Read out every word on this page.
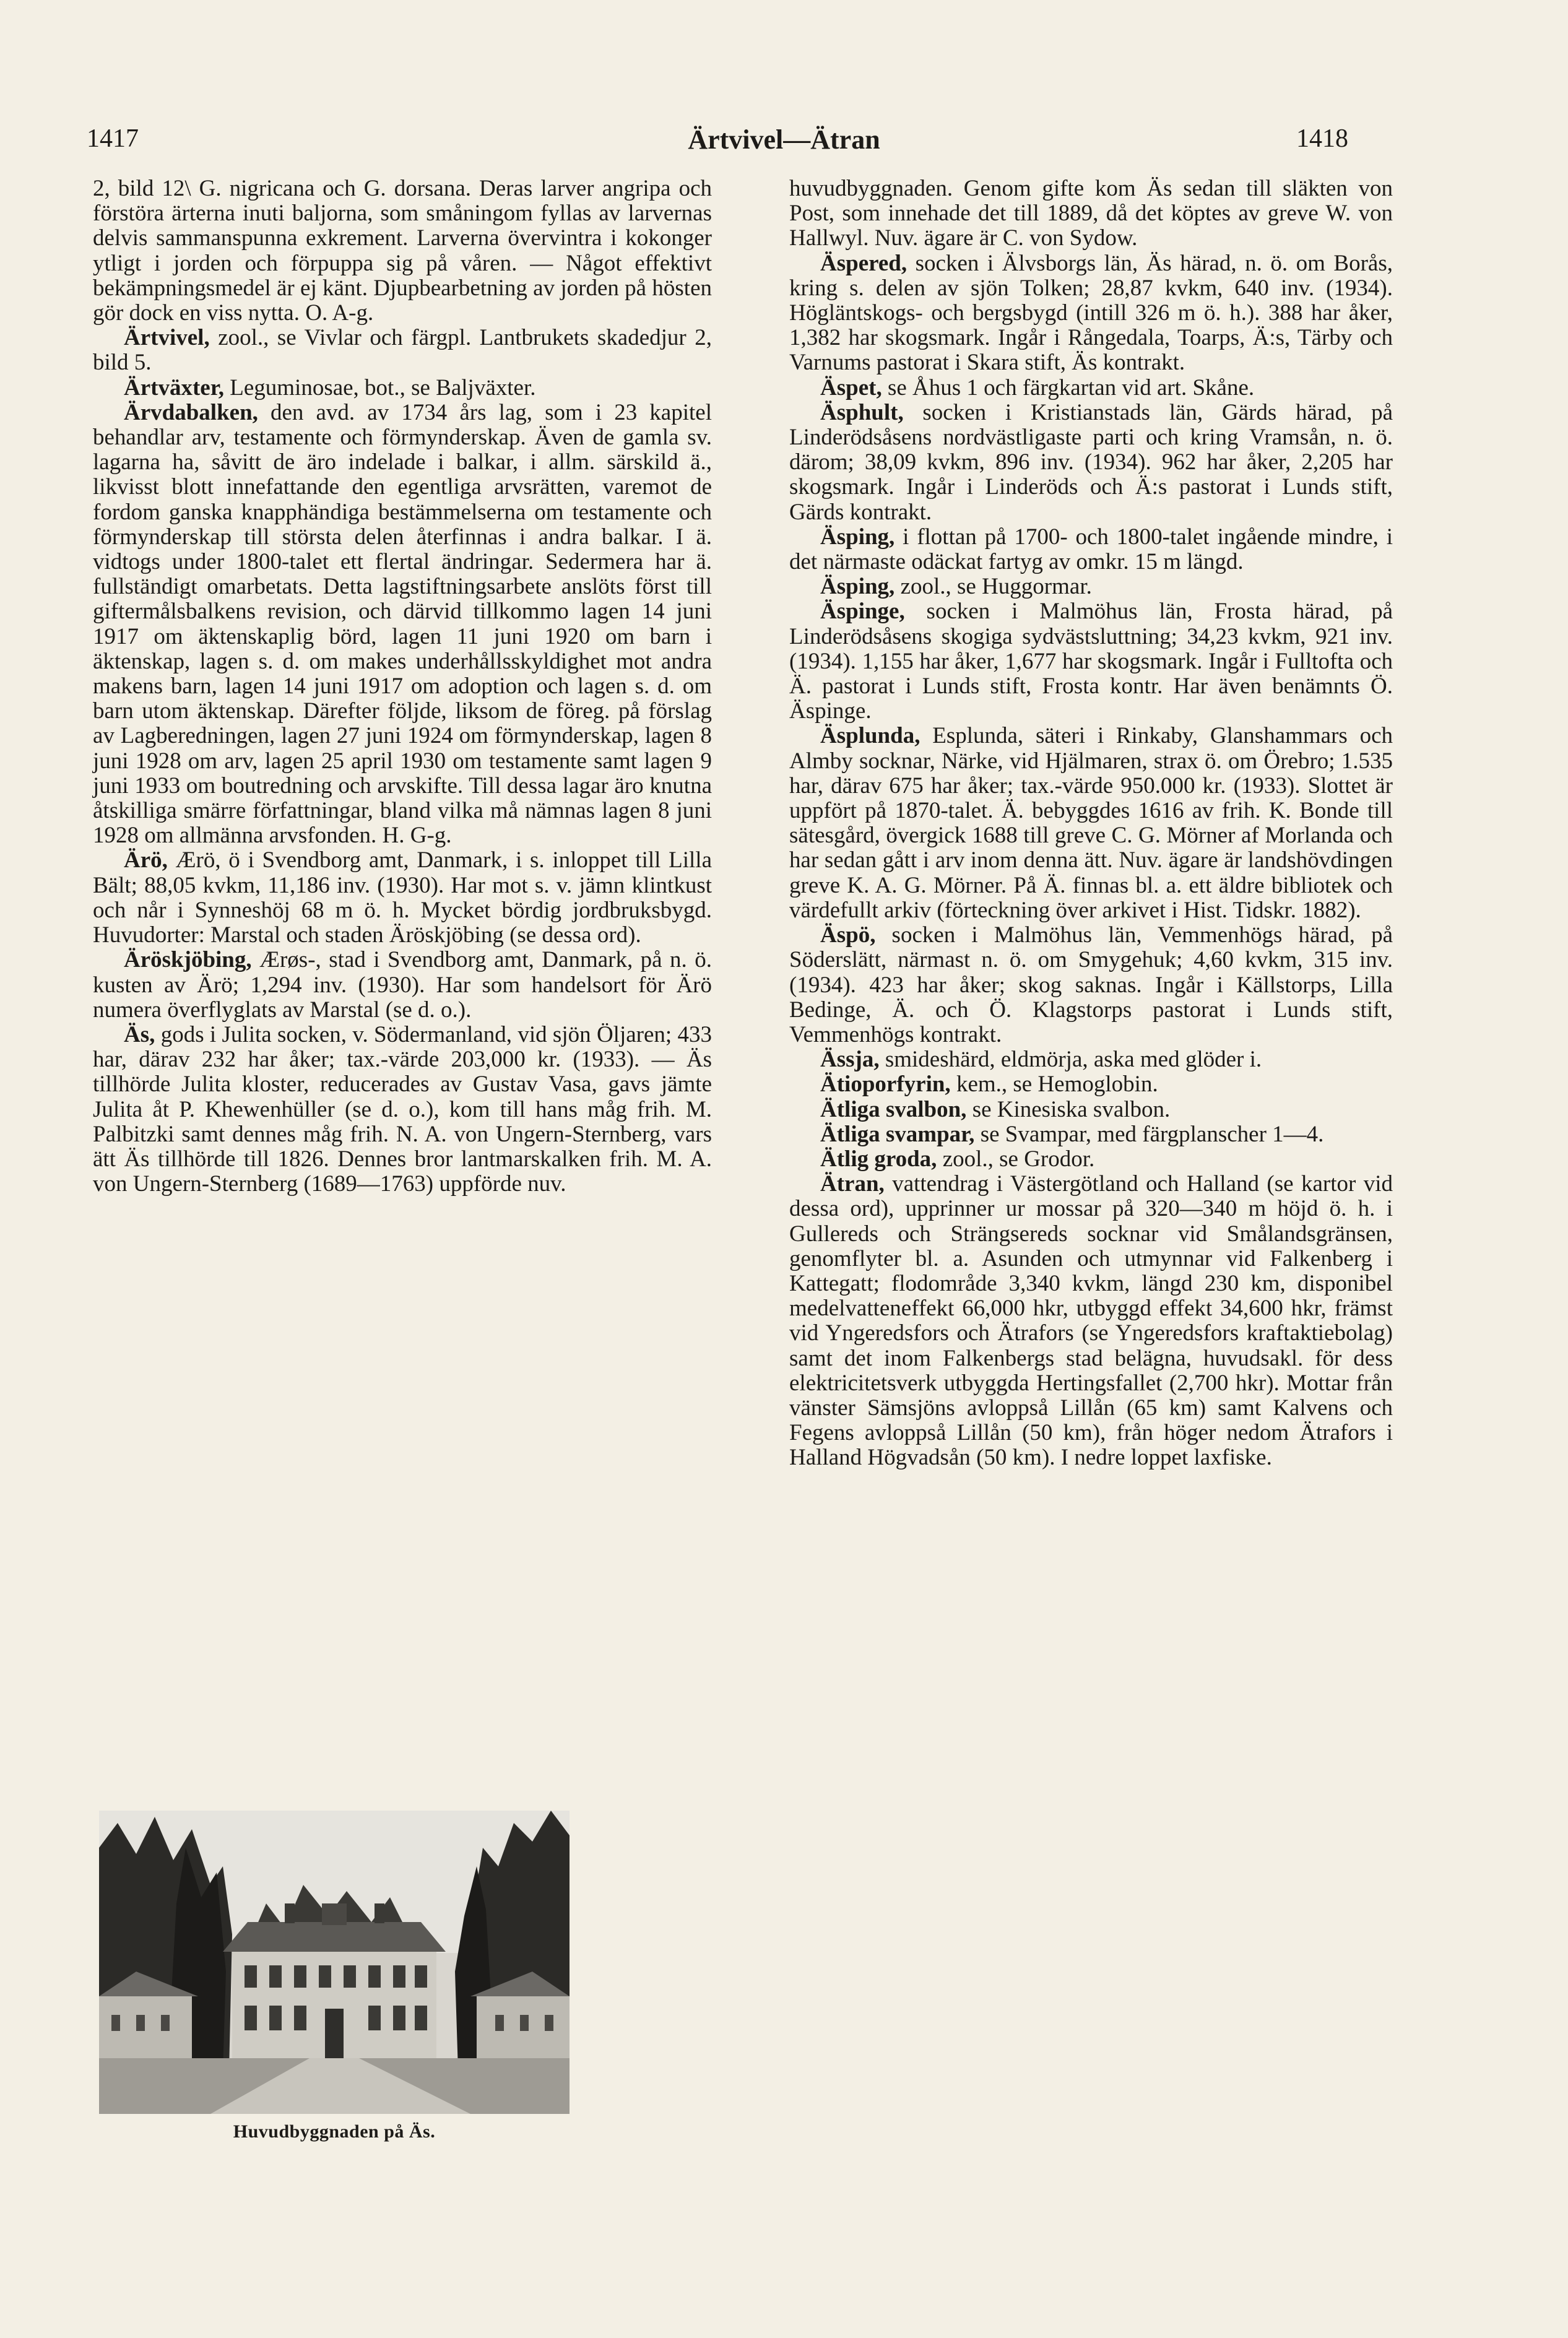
1417	Ärtvivel—Ätran	1418

2, bild 12\ G. nigricana och G. dorsana. Deras larver angripa och förstöra ärterna inuti baljorna, som småningom fyllas av larvernas delvis sammanspunna exkrement. Larverna övervintra i kokonger ytligt i jorden och förpuppa sig på våren. — Något effektivt bekämpningsmedel är ej känt. Djupbearbetning av jorden på hösten gör dock en viss nytta. O. A-g.

Ärtvivel, zool., se Vivlar och färgpl. Lantbrukets skadedjur 2, bild 5.

Ärtväxter, Leguminosae, bot., se Baljväxter.

Ärvdabalken, den avd. av 1734 års lag, som i 23 kapitel behandlar arv, testamente och förmynderskap. Även de gamla sv. lagarna ha, såvitt de äro indelade i balkar, i allm. särskild ä., likvisst blott innefattande den egentliga arvsrätten, varemot de fordom ganska knapphändiga bestämmelserna om testamente och förmynderskap till största delen återfinnas i andra balkar. I ä. vidtogs under 1800-talet ett flertal ändringar. Sedermera har ä. fullständigt omarbetats. Detta lagstiftningsarbete anslöts först till giftermålsbalkens revision, och därvid tillkommo lagen 14 juni 1917 om äktenskaplig börd, lagen 11 juni 1920 om barn i äktenskap, lagen s. d. om makes underhållsskyldighet mot andra makens barn, lagen 14 juni 1917 om adoption och lagen s. d. om barn utom äktenskap. Därefter följde, liksom de föreg. på förslag av Lagberedningen, lagen 27 juni 1924 om förmynderskap, lagen 8 juni 1928 om arv, lagen 25 april 1930 om testamente samt lagen 9 juni 1933 om boutredning och arvskifte. Till dessa lagar äro knutna åtskilliga smärre författningar, bland vilka må nämnas lagen 8 juni 1928 om allmänna arvsfonden. H. G-g.

Ärö, Ærö, ö i Svendborg amt, Danmark, i s. inloppet till Lilla Bält; 88,05 kvkm, 11,186 inv. (1930). Har mot s. v. jämn klintkust och når i Synneshöj 68 m ö. h. Mycket bördig jordbruksbygd. Huvudorter: Marstal och staden Äröskjöbing (se dessa ord).

Äröskjöbing, Ærøs-, stad i Svendborg amt, Danmark, på n. ö. kusten av Ärö; 1,294 inv. (1930). Har som handelsort för Ärö numera överflyglats av Marstal (se d. o.).

Äs, gods i Julita socken, v. Södermanland, vid sjön Öljaren; 433 har, därav 232 har åker; tax.-värde 203,000 kr. (1933). — Äs tillhörde Julita kloster, reducerades av Gustav Vasa, gavs jämte Julita åt P. Khewenhüller (se d. o.), kom till hans måg frih. M. Palbitzki samt dennes måg frih. N. A. von Ungern-Sternberg, vars ätt Äs tillhörde till 1826. Dennes bror lantmarskalken frih. M. A. von Ungern-Sternberg (1689—1763) uppförde nuv.

Huvudbyggnaden på Äs.

huvudbyggnaden. Genom gifte kom Äs sedan till släkten von Post, som innehade det till 1889, då det köptes av greve W. von Hallwyl. Nuv. ägare är C. von Sydow.

Äspered, socken i Älvsborgs län, Äs härad, n. ö. om Borås, kring s. delen av sjön Tolken; 28,87 kvkm, 640 inv. (1934). Högläntskogs- och bergsbygd (intill 326 m ö. h.). 388 har åker, 1,382 har skogsmark. Ingår i Rångedala, Toarps, Ä:s, Tärby och Varnums pastorat i Skara stift, Äs kontrakt.

Äspet, se Åhus 1 och färgkartan vid art. Skåne.

Äsphult, socken i Kristianstads län, Gärds härad, på Linderödsåsens nordvästligaste parti och kring Vramsån, n. ö. därom; 38,09 kvkm, 896 inv. (1934). 962 har åker, 2,205 har skogsmark. Ingår i Linderöds och Ä:s pastorat i Lunds stift, Gärds kontrakt.

Äsping, i flottan på 1700- och 1800-talet ingående mindre, i det närmaste odäckat fartyg av omkr. 15 m längd.

Äsping, zool., se Huggormar.

Äspinge, socken i Malmöhus län, Frosta härad, på Linderödsåsens skogiga sydvästsluttning; 34,23 kvkm, 921 inv. (1934). 1,155 har åker, 1,677 har skogsmark. Ingår i Fulltofta och Ä. pastorat i Lunds stift, Frosta kontr. Har även benämnts Ö. Äspinge.

Äsplunda, Esplunda, säteri i Rinkaby, Glanshammars och Almby socknar, Närke, vid Hjälmaren, strax ö. om Örebro; 1.535 har, därav 675 har åker; tax.-värde 950.000 kr. (1933). Slottet är uppfört på 1870-talet. Ä. bebyggdes 1616 av frih. K. Bonde till sätesgård, övergick 1688 till greve C. G. Mörner af Morlanda och har sedan gått i arv inom denna ätt. Nuv. ägare är landshövdingen greve K. A. G. Mörner. På Ä. finnas bl. a. ett äldre bibliotek och värdefullt arkiv (förteckning över arkivet i Hist. Tidskr. 1882).

Äspö, socken i Malmöhus län, Vemmenhögs härad, på Söderslätt, närmast n. ö. om Smygehuk; 4,60 kvkm, 315 inv. (1934). 423 har åker; skog saknas. Ingår i Källstorps, Lilla Bedinge, Ä. och Ö. Klagstorps pastorat i Lunds stift, Vemmenhögs kontrakt.

Ässja, smideshärd, eldmörja, aska med glöder i.

Ätioporfyrin, kem., se Hemoglobin.

Ätliga svalbon, se Kinesiska svalbon.

Ätliga svampar, se Svampar, med färgplanscher 1—4.

Ätlig groda, zool., se Grodor.

Ätran, vattendrag i Västergötland och Halland (se kartor vid dessa ord), upprinner ur mossar på 320—340 m höjd ö. h. i Gullereds och Strängsereds socknar vid Smålandsgränsen, genomflyter bl. a. Asunden och utmynnar vid Falkenberg i Kattegatt; flodområde 3,340 kvkm, längd 230 km, disponibel medelvatteneffekt 66,000 hkr, utbyggd effekt 34,600 hkr, främst vid Yngeredsfors och Ätrafors (se Yngeredsfors kraftaktiebolag) samt det inom Falkenbergs stad belägna, huvudsakl. för dess elektricitetsverk utbyggda Hertingsfallet (2,700 hkr). Mottar från vänster Sämsjöns avloppså Lillån (65 km) samt Kalvens och Fegens avloppså Lillån (50 km), från höger nedom Ätrafors i Halland Högvadsån (50 km). I nedre loppet laxfiske.
